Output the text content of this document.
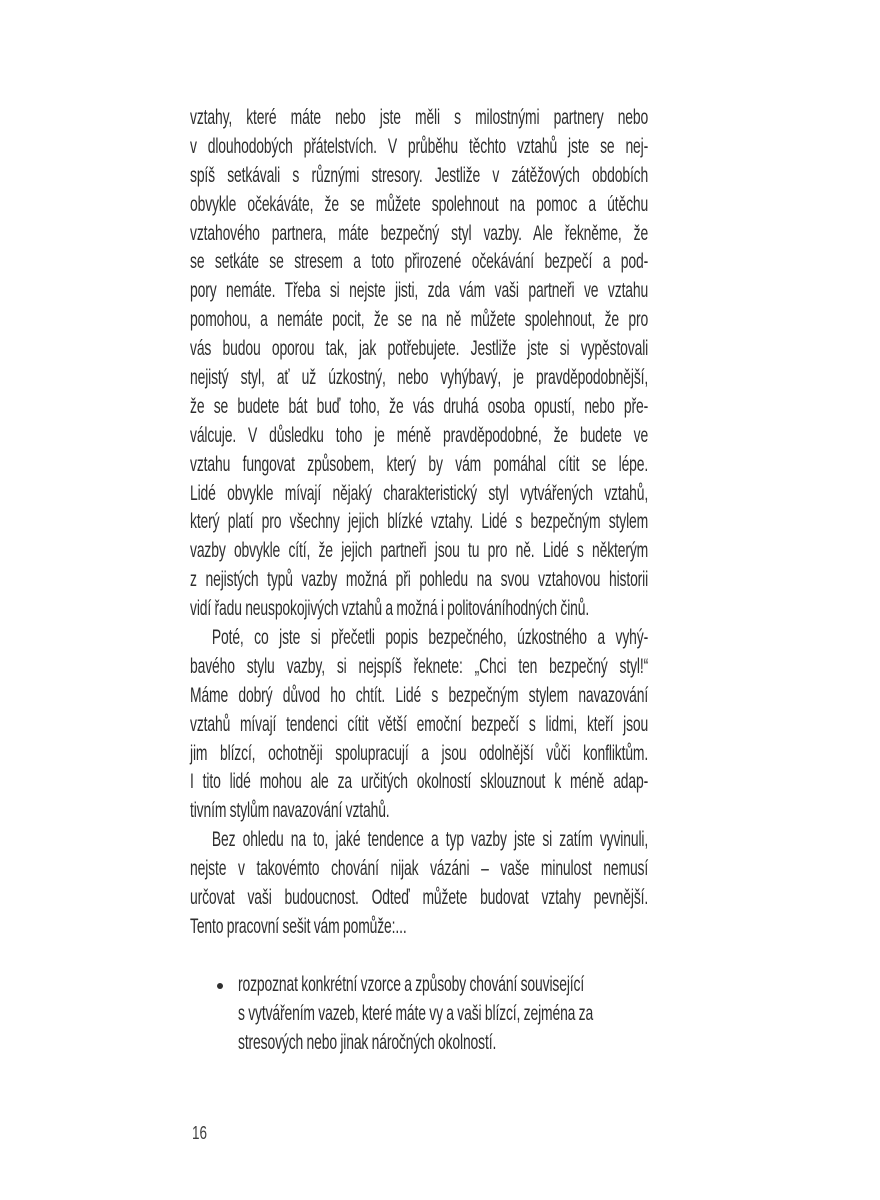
vztahy, které máte nebo jste měli s milostnými partnery nebo
v dlouhodobých přátelstvích. V průběhu těchto vztahů jste se nej-
spíš setkávali s různými stresory. Jestliže v zátěžových obdobích
obvykle očekáváte, že se můžete spolehnout na pomoc a útěchu
vztahového partnera, máte bezpečný styl vazby. Ale řekněme, že
se setkáte se stresem a toto přirozené očekávání bezpečí a pod-
pory nemáte. Třeba si nejste jisti, zda vám vaši partneři ve vztahu
pomohou, a nemáte pocit, že se na ně můžete spolehnout, že pro
vás budou oporou tak, jak potřebujete. Jestliže jste si vypěstovali
nejistý styl, ať už úzkostný, nebo vyhýbavý, je pravděpodobnější,
že se budete bát buď toho, že vás druhá osoba opustí, nebo pře-
válcuje. V důsledku toho je méně pravděpodobné, že budete ve
vztahu fungovat způsobem, který by vám pomáhal cítit se lépe.
Lidé obvykle mívají nějaký charakteristický styl vytvářených vztahů,
který platí pro všechny jejich blízké vztahy. Lidé s bezpečným stylem
vazby obvykle cítí, že jejich partneři jsou tu pro ně. Lidé s některým
z nejistých typů vazby možná při pohledu na svou vztahovou historii
vidí řadu neuspokojivých vztahů a možná i politováníhodných činů.
Poté, co jste si přečetli popis bezpečného, úzkostného a vyhý-
bavého stylu vazby, si nejspíš řeknete: „Chci ten bezpečný styl!“
Máme dobrý důvod ho chtít. Lidé s bezpečným stylem navazování
vztahů mívají tendenci cítit větší emoční bezpečí s lidmi, kteří jsou
jim blízcí, ochotněji spolupracují a jsou odolnější vůči konfliktům.
I tito lidé mohou ale za určitých okolností sklouznout k méně adap-
tivním stylům navazování vztahů.
Bez ohledu na to, jaké tendence a typ vazby jste si zatím vyvinuli,
nejste v takovémto chování nijak vázáni – vaše minulost nemusí
určovat vaši budoucnost. Odteď můžete budovat vztahy pevnější.
Tento pracovní sešit vám pomůže:...
rozpoznat konkrétní vzorce a způsoby chování související
s vytvářením vazeb, které máte vy a vaši blízcí, zejména za
stresových nebo jinak náročných okolností.
16
